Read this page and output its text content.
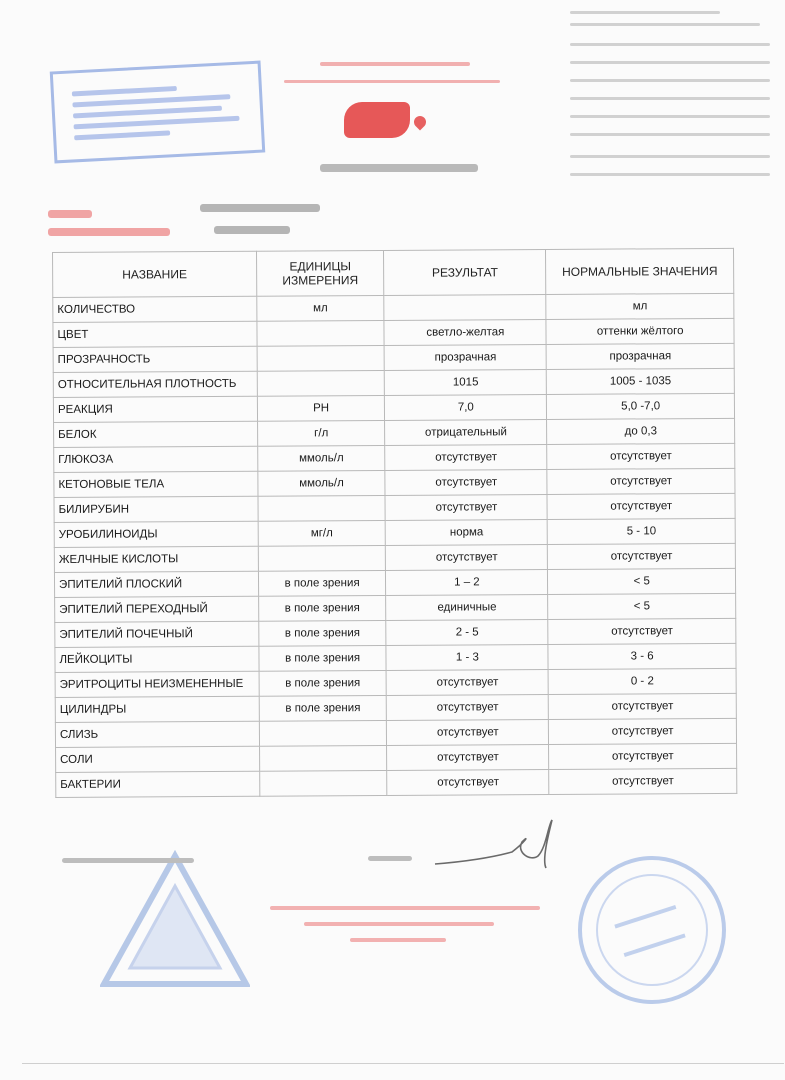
НАЗВАНИЕ	ЕДИНИЦЫ ИЗМЕРЕНИЯ	РЕЗУЛЬТАТ	НОРМАЛЬНЫЕ ЗНАЧЕНИЯ
КОЛИЧЕСТВО	мл		мл
ЦВЕТ		светло-желтая	оттенки жёлтого
ПРОЗРАЧНОСТЬ		прозрачная	прозрачная
ОТНОСИТЕЛЬНАЯ ПЛОТНОСТЬ		1015	1005 - 1035
РЕАКЦИЯ	PH	7,0	5,0 -7,0
БЕЛОК	г/л	отрицательный	до 0,3
ГЛЮКОЗА	ммоль/л	отсутствует	отсутствует
КЕТОНОВЫЕ ТЕЛА	ммоль/л	отсутствует	отсутствует
БИЛИРУБИН		отсутствует	отсутствует
УРОБИЛИНОИДЫ	мг/л	норма	5 - 10
ЖЕЛЧНЫЕ КИСЛОТЫ		отсутствует	отсутствует
ЭПИТЕЛИЙ ПЛОСКИЙ	в поле зрения	1 – 2	< 5
ЭПИТЕЛИЙ ПЕРЕХОДНЫЙ	в поле зрения	единичные	< 5
ЭПИТЕЛИЙ ПОЧЕЧНЫЙ	в поле зрения	2 - 5	отсутствует
ЛЕЙКОЦИТЫ	в поле зрения	1 - 3	3 - 6
ЭРИТРОЦИТЫ НЕИЗМЕНЕННЫЕ	в поле зрения	отсутствует	0 - 2
ЦИЛИНДРЫ	в поле зрения	отсутствует	отсутствует
СЛИЗЬ		отсутствует	отсутствует
СОЛИ		отсутствует	отсутствует
БАКТЕРИИ		отсутствует	отсутствует
